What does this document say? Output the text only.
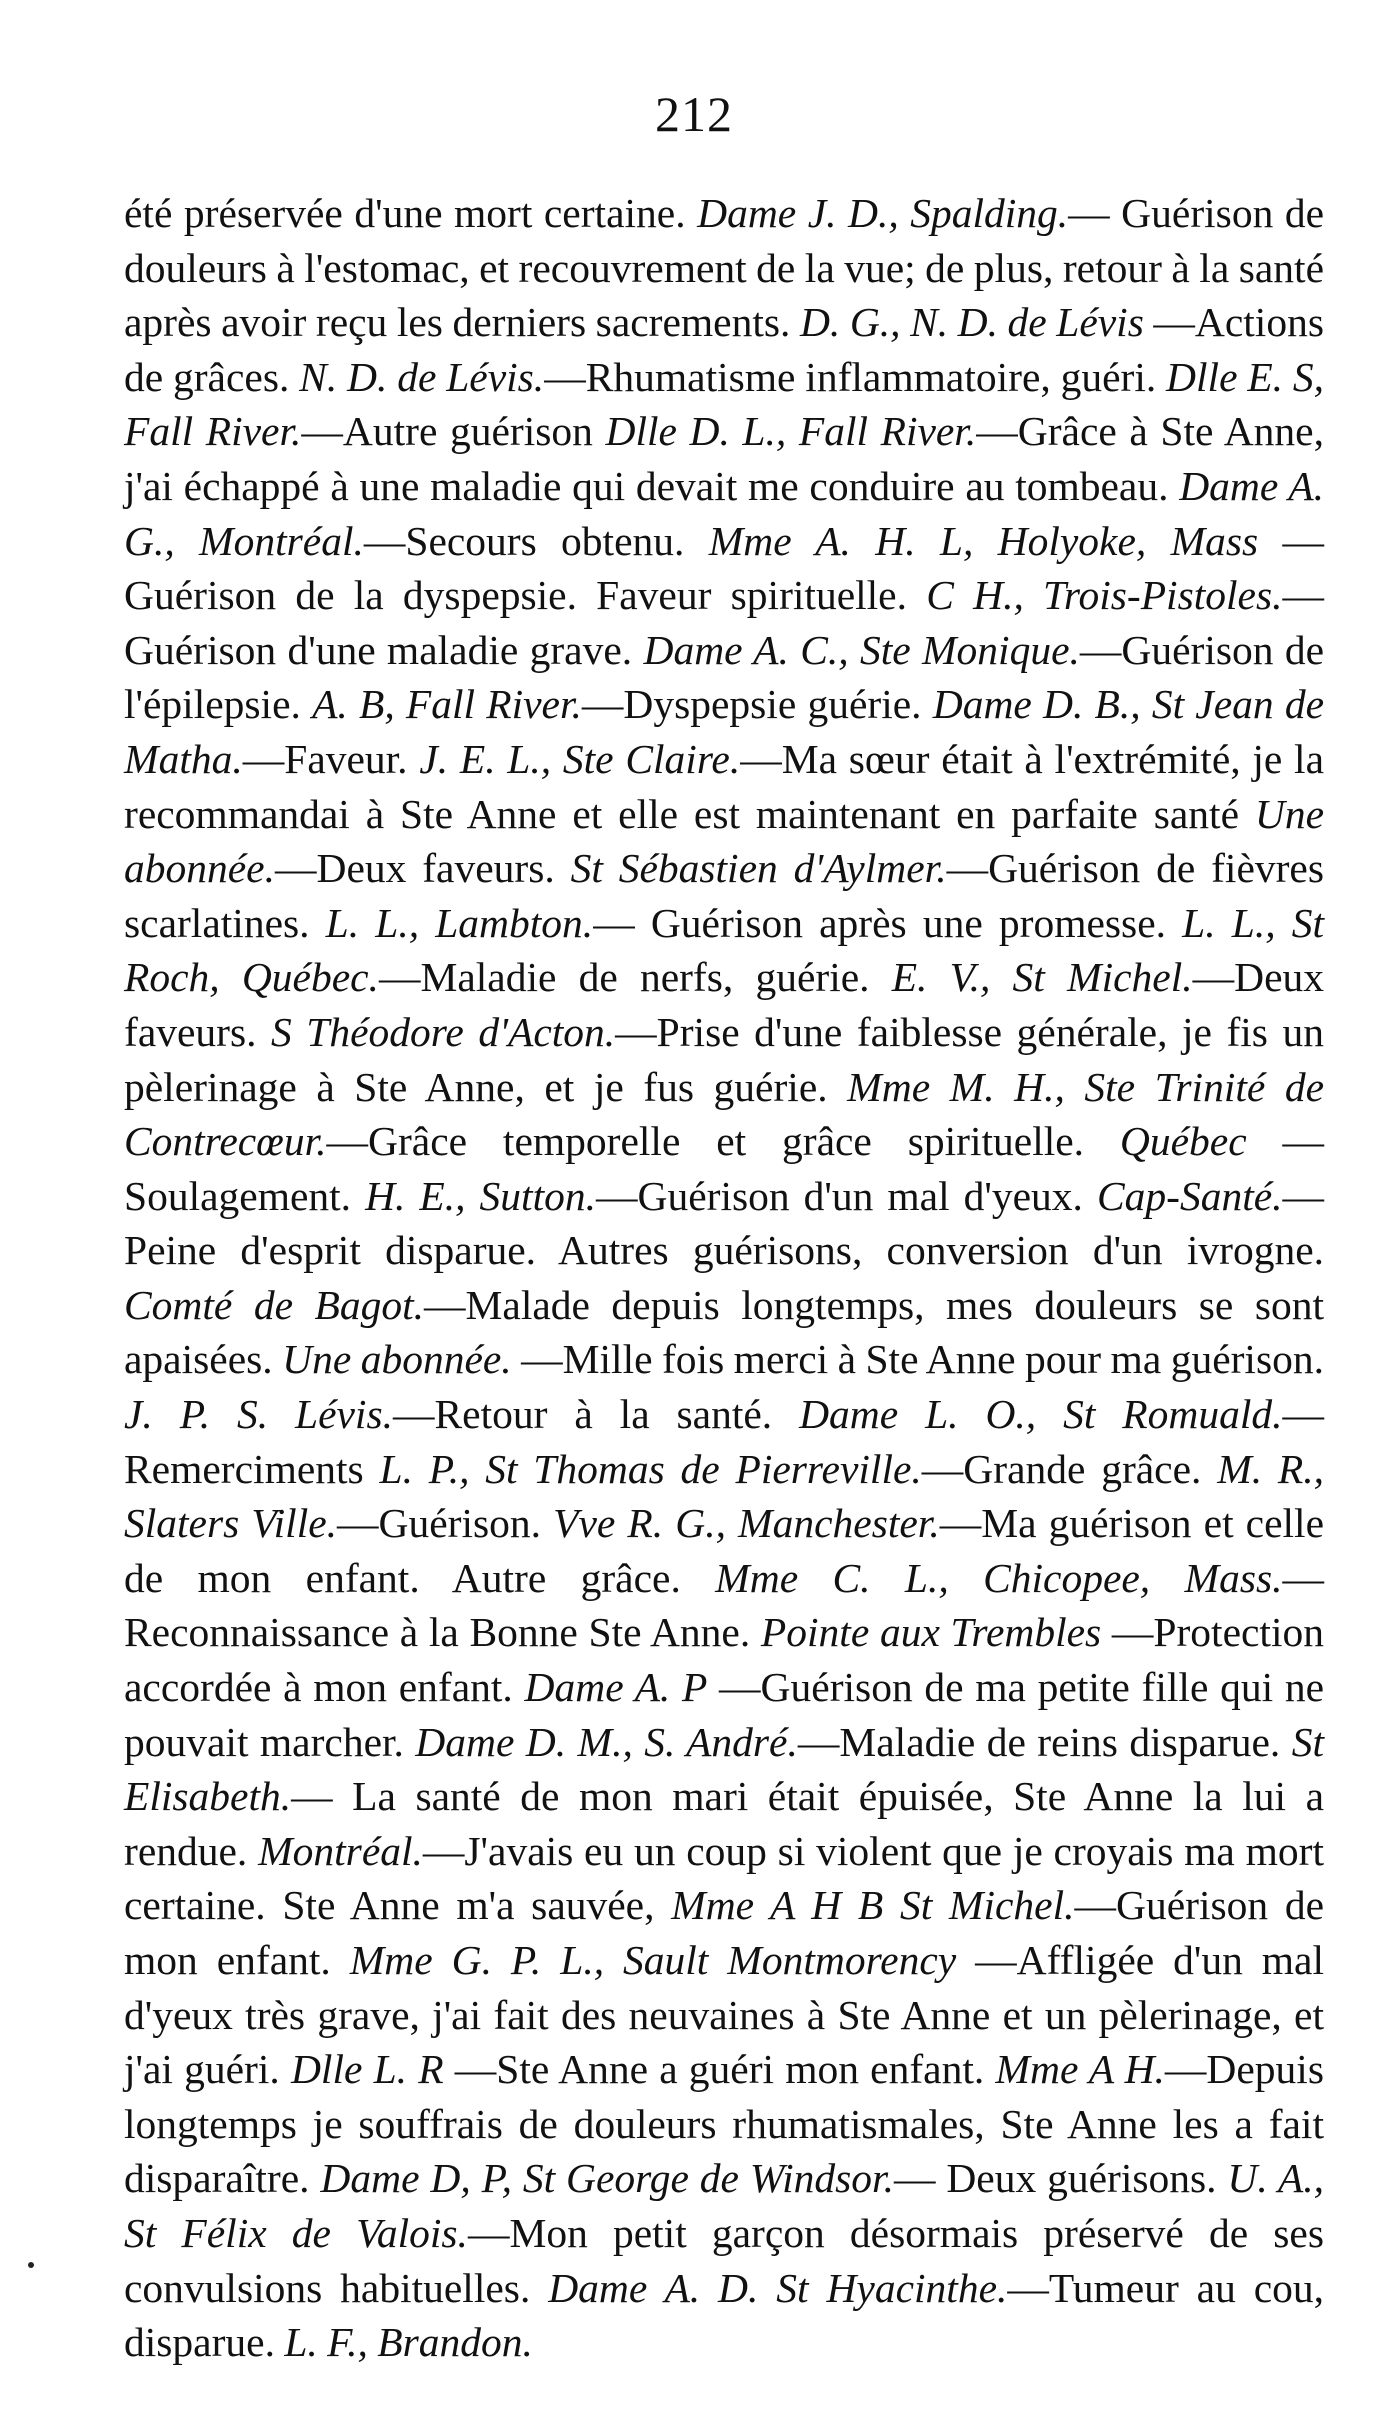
212
été préservée d'une mort certaine. Dame J. D., Spalding.— Guérison de douleurs à l'estomac, et recouvrement de la vue; de plus, retour à la santé après avoir reçu les derniers sacrements. D. G., N. D. de Lévis —Actions de grâces. N. D. de Lévis.—Rhumatisme inflammatoire, guéri. Dlle E. S, Fall River.—Autre guérison Dlle D. L., Fall River.—Grâce à Ste Anne, j'ai échappé à une maladie qui devait me conduire au tombeau. Dame A. G., Montréal.—Secours obtenu. Mme A. H. L, Holyoke, Mass —Guérison de la dyspepsie. Faveur spirituelle. C H., Trois-Pistoles.—Guérison d'une maladie grave. Dame A. C., Ste Monique.—Guérison de l'épilepsie. A. B, Fall River.—Dyspepsie guérie. Dame D. B., St Jean de Matha.—Faveur. J. E. L., Ste Claire.—Ma sœur était à l'extrémité, je la recommandai à Ste Anne et elle est maintenant en parfaite santé Une abonnée.—Deux faveurs. St Sébastien d'Aylmer.—Guérison de fièvres scarlatines. L. L., Lambton.— Guérison après une promesse. L. L., St Roch, Québec.—Maladie de nerfs, guérie. E. V., St Michel.—Deux faveurs. S Théodore d'Acton.—Prise d'une faiblesse générale, je fis un pèlerinage à Ste Anne, et je fus guérie. Mme M. H., Ste Trinité de Contrecœur.—Grâce temporelle et grâce spirituelle. Québec —Soulagement. H. E., Sutton.—Guérison d'un mal d'yeux. Cap-Santé.—Peine d'esprit disparue. Autres guérisons, conversion d'un ivrogne. Comté de Bagot.—Malade depuis longtemps, mes douleurs se sont apaisées. Une abonnée. —Mille fois merci à Ste Anne pour ma guérison. J. P. S. Lévis.—Retour à la santé. Dame L. O., St Romuald.—Remerciments L. P., St Thomas de Pierreville.—Grande grâce. M. R., Slaters Ville.—Guérison. Vve R. G., Manchester.—Ma guérison et celle de mon enfant. Autre grâce. Mme C. L., Chicopee, Mass.—Reconnaissance à la Bonne Ste Anne. Pointe aux Trembles —Protection accordée à mon enfant. Dame A. P —Guérison de ma petite fille qui ne pouvait marcher. Dame D. M., S. André.—Maladie de reins disparue. St Elisabeth.— La santé de mon mari était épuisée, Ste Anne la lui a rendue. Montréal.—J'avais eu un coup si violent que je croyais ma mort certaine. Ste Anne m'a sauvée, Mme A H B St Michel.—Guérison de mon enfant. Mme G. P. L., Sault Montmorency —Affligée d'un mal d'yeux très grave, j'ai fait des neuvaines à Ste Anne et un pèlerinage, et j'ai guéri. Dlle L. R —Ste Anne a guéri mon enfant. Mme A H.—Depuis longtemps je souffrais de douleurs rhumatismales, Ste Anne les a fait disparaître. Dame D, P, St George de Windsor.— Deux guérisons. U. A., St Félix de Valois.—Mon petit garçon désormais préservé de ses convulsions habituelles. Dame A. D. St Hyacinthe.—Tumeur au cou, disparue. L. F., Brandon.
